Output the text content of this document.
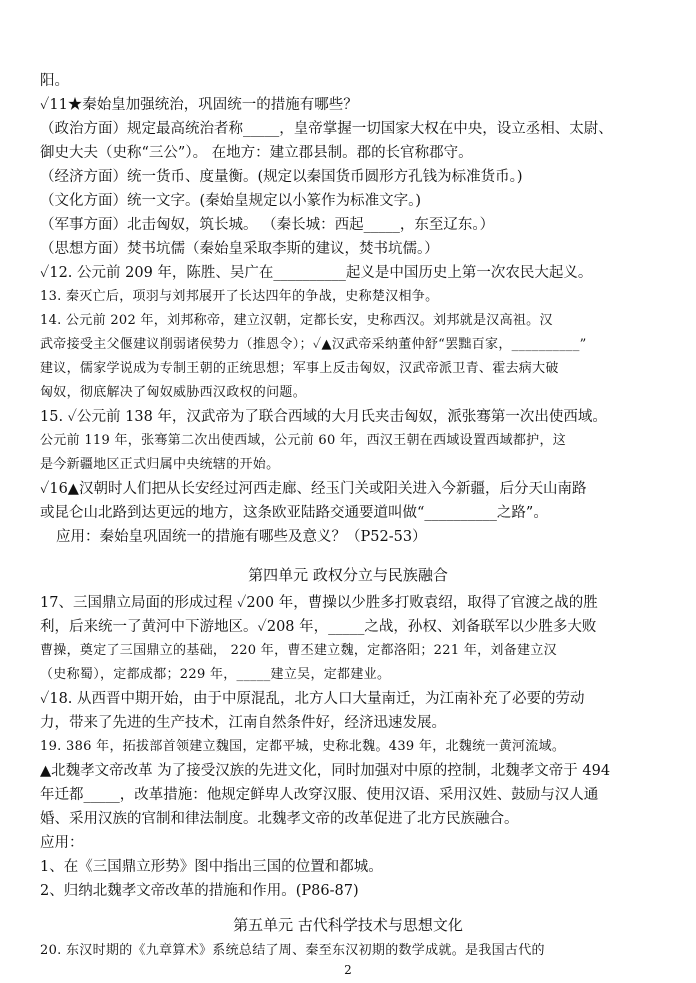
阳。
✓11★秦始皇加强统治，巩固统一的措施有哪些？
（政治方面）规定最高统治者称_____，皇帝掌握一切国家大权在中央，设立丞相、太尉、
御史大夫（史称“三公”）。 在地方：建立郡县制。郡的长官称郡守。
（经济方面）统一货币、度量衡。(规定以秦国货币圆形方孔钱为标准货币。)
（文化方面）统一文字。(秦始皇规定以小篆作为标准文字。)
（军事方面）北击匈奴，筑长城。 （秦长城：西起_____，东至辽东。）
（思想方面）焚书坑儒（秦始皇采取李斯的建议，焚书坑儒。）
✓12. 公元前 209 年，陈胜、吴广在__________起义是中国历史上第一次农民大起义。
13. 秦灭亡后，项羽与刘邦展开了长达四年的争战，史称楚汉相争。
14. 公元前 202 年，刘邦称帝，建立汉朝，定都长安，史称西汉。刘邦就是汉高祖。汉
武帝接受主父偃建议削弱诸侯势力（推恩令）；✓▲汉武帝采纳董仲舒“罢黜百家，__________”
建议，儒家学说成为专制王朝的正统思想；军事上反击匈奴，汉武帝派卫青、霍去病大破
匈奴，彻底解决了匈奴威胁西汉政权的问题。
15. ✓公元前 138 年，汉武帝为了联合西域的大月氏夹击匈奴，派张骞第一次出使西域。
公元前 119 年，张骞第二次出使西域，公元前 60 年，西汉王朝在西域设置西域都护，这
是今新疆地区正式归属中央统辖的开始。
✓16▲汉朝时人们把从长安经过河西走廊、经玉门关或阳关进入今新疆，后分天山南路
或昆仑山北路到达更远的地方，这条欧亚陆路交通要道叫做“__________之路”。
应用：秦始皇巩固统一的措施有哪些及意义？（P52-53）
第四单元 政权分立与民族融合
17、三国鼎立局面的形成过程 ✓200 年，曹操以少胜多打败袁绍，取得了官渡之战的胜
利，后来统一了黄河中下游地区。✓208 年，_____之战，孙权、刘备联军以少胜多大败
曹操，奠定了三国鼎立的基础， 220 年，曹丕建立魏，定都洛阳；221 年，刘备建立汉
（史称蜀），定都成都；229 年，_____建立吴，定都建业。
✓18. 从西晋中期开始，由于中原混乱，北方人口大量南迁，为江南补充了必要的劳动
力，带来了先进的生产技术，江南自然条件好，经济迅速发展。
19. 386 年，拓拔部首领建立魏国，定都平城，史称北魏。439 年，北魏统一黄河流域。
▲北魏孝文帝改革 为了接受汉族的先进文化，同时加强对中原的控制，北魏孝文帝于 494
年迁都_____，改革措施：他规定鲜卑人改穿汉服、使用汉语、采用汉姓、鼓励与汉人通
婚、采用汉族的官制和律法制度。北魏孝文帝的改革促进了北方民族融合。
应用：
1、在《三国鼎立形势》图中指出三国的位置和都城。
2、归纳北魏孝文帝改革的措施和作用。(P86-87)
第五单元 古代科学技术与思想文化
20. 东汉时期的《九章算术》系统总结了周、秦至东汉初期的数学成就。是我国古代的
2
